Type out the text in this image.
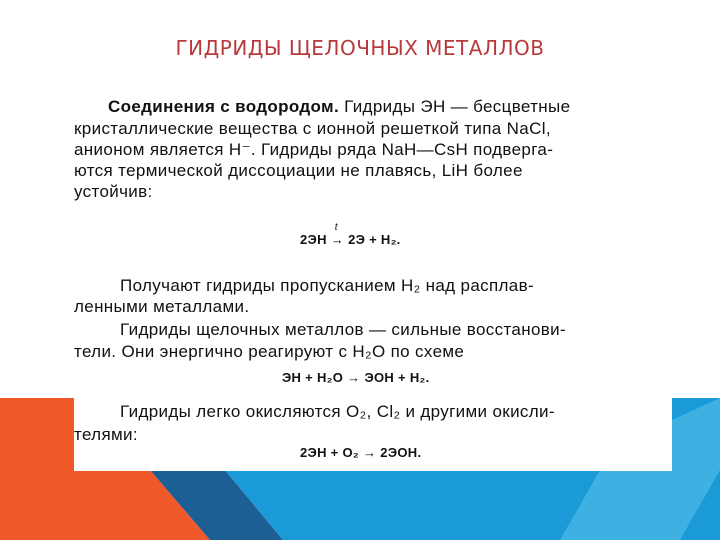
ГИДРИДЫ ЩЕЛОЧНЫХ МЕТАЛЛОВ
Соединения с водородом. Гидриды ЭН — бесцветные
кристаллические вещества с ионной решеткой типа NaCl,
анионом является H⁻. Гидриды ряда NaH—CsH подверга-
ются термической диссоциации не плавясь, LiH более
устойчив:
2ЭН
t
→ 2Э + H₂.
Получают гидриды пропусканием H₂ над расплав-
ленными металлами.
Гидриды щелочных металлов — сильные восстанови-
тели. Они энергично реагируют с H₂O по схеме
ЭН + H₂O → ЭОН + H₂.
Гидриды легко окисляются O₂, Cl₂ и другими окисли-
телями:
2ЭН + O₂ → 2ЭОН.
